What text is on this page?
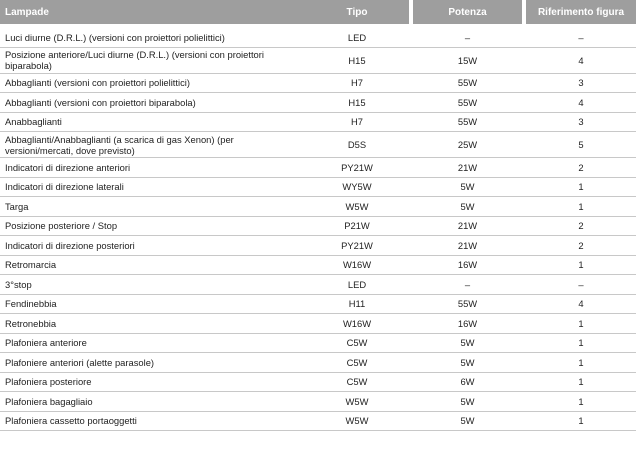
Lampade	Tipo		Potenza		Riferimento figura
Luci diurne (D.R.L.) (versioni con proiettori polielittici)	LED		–		–
Posizione anteriore/Luci diurne (D.R.L.) (versioni con proiettori biparabola)	H15		15W		4
Abbaglianti (versioni con proiettori polielittici)	H7		55W		3
Abbaglianti (versioni con proiettori biparabola)	H15		55W		4
Anabbaglianti	H7		55W		3
Abbaglianti/Anabbaglianti (a scarica di gas Xenon) (per versioni/mercati, dove previsto)	D5S		25W		5
Indicatori di direzione anteriori	PY21W		21W		2
Indicatori di direzione laterali	WY5W		5W		1
Targa	W5W		5W		1
Posizione posteriore / Stop	P21W		21W		2
Indicatori di direzione posteriori	PY21W		21W		2
Retromarcia	W16W		16W		1
3°stop	LED		–		–
Fendinebbia	H11		55W		4
Retronebbia	W16W		16W		1
Plafoniera anteriore	C5W		5W		1
Plafoniere anteriori (alette parasole)	C5W		5W		1
Plafoniera posteriore	C5W		6W		1
Plafoniera bagagliaio	W5W		5W		1
Plafoniera cassetto portaoggetti	W5W		5W		1
